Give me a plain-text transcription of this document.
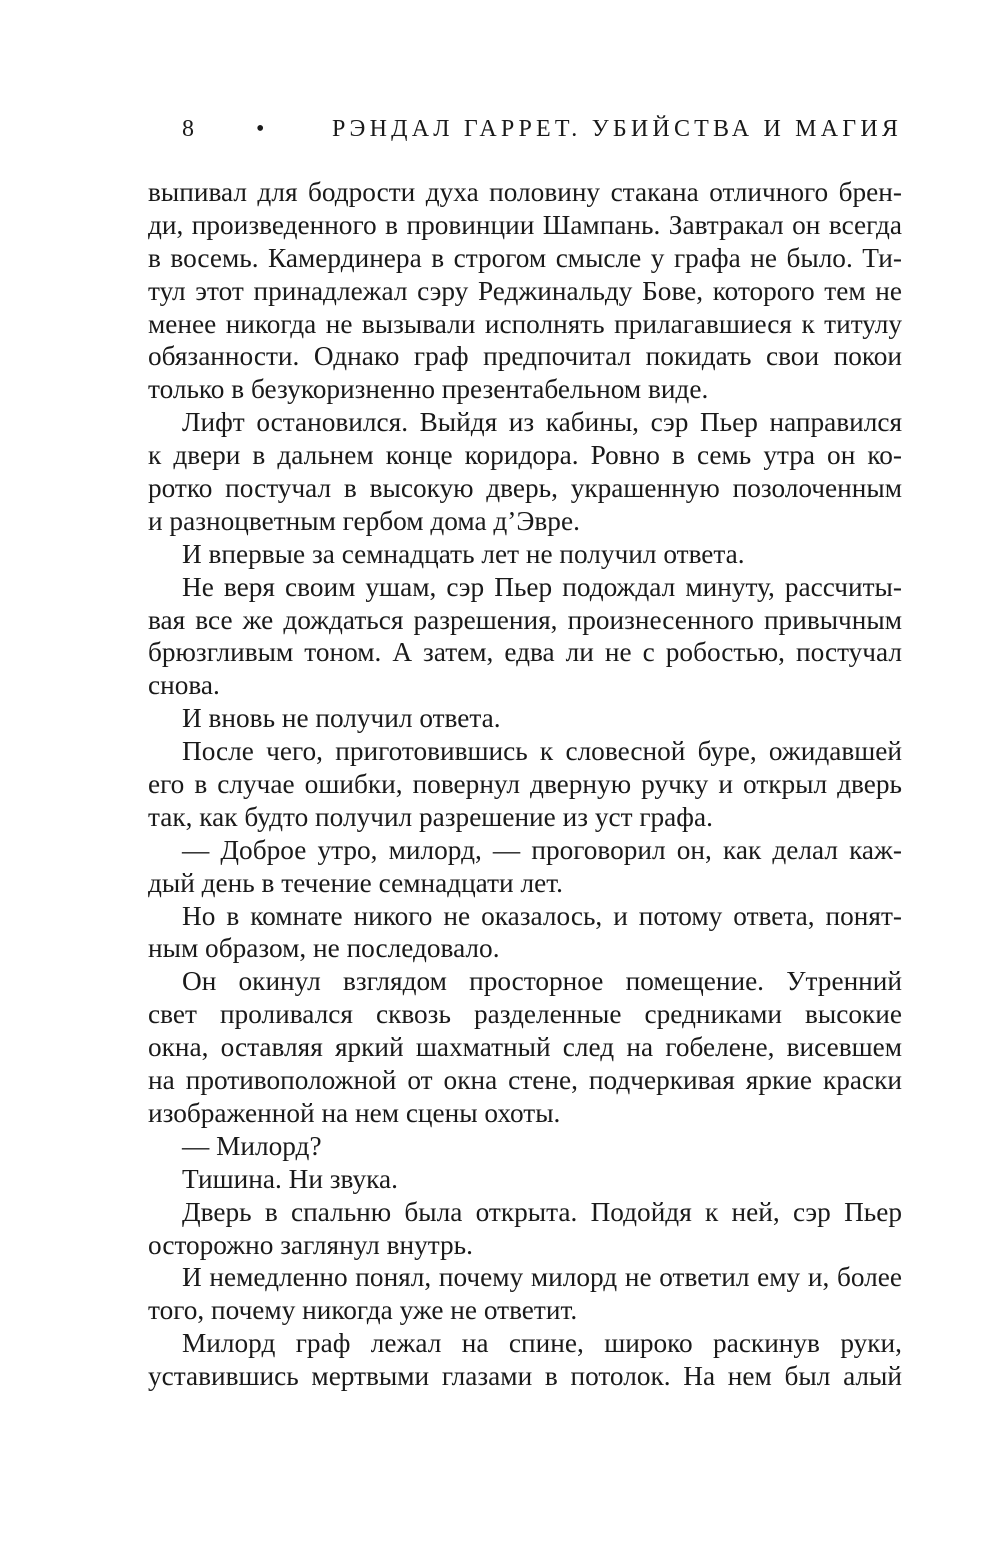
8	•	РЭНДАЛ ГАРРЕТ. УБИЙСТВА И МАГИЯ
выпивал для бодрости духа половину стакана отличного брен-
ди, произведенного в провинции Шампань. Завтракал он всегда
в восемь. Камердинера в строгом смысле у графа не было. Ти-
тул этот принадлежал сэру Реджинальду Бове, которого тем не
менее никогда не вызывали исполнять прилагавшиеся к титулу
обязанности. Однако граф предпочитал покидать свои покои
только в безукоризненно презентабельном виде.
Лифт остановился. Выйдя из кабины, сэр Пьер направился
к двери в дальнем конце коридора. Ровно в семь утра он ко-
ротко постучал в высокую дверь, украшенную позолоченным
и разноцветным гербом дома д’Эвре.
И впервые за семнадцать лет не получил ответа.
Не веря своим ушам, сэр Пьер подождал минуту, рассчиты-
вая все же дождаться разрешения, произнесенного привычным
брюзгливым тоном. А затем, едва ли не с робостью, постучал
снова.
И вновь не получил ответа.
После чего, приготовившись к словесной буре, ожидавшей
его в случае ошибки, повернул дверную ручку и открыл дверь
так, как будто получил разрешение из уст графа.
— Доброе утро, милорд, — проговорил он, как делал каж-
дый день в течение семнадцати лет.
Но в комнате никого не оказалось, и потому ответа, понят-
ным образом, не последовало.
Он окинул взглядом просторное помещение. Утренний
свет проливался сквозь разделенные средниками высокие
окна, оставляя яркий шахматный след на гобелене, висевшем
на противоположной от окна стене, подчеркивая яркие краски
изображенной на нем сцены охоты.
— Милорд?
Тишина. Ни звука.
Дверь в спальню была открыта. Подойдя к ней, сэр Пьер
осторожно заглянул внутрь.
И немедленно понял, почему милорд не ответил ему и, более
того, почему никогда уже не ответит.
Милорд граф лежал на спине, широко раскинув руки,
уставившись мертвыми глазами в потолок. На нем был алый
